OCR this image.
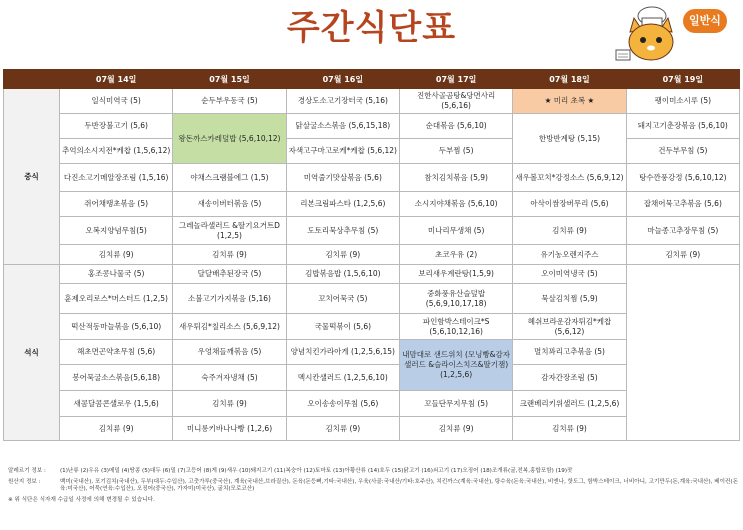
주간식단표	일반식
	07월 14일	07월 15일	07월 16일	07월 17일	07월 18일	07월 19일
중식	일식미역국 (5)	순두부우동국 (5)	경상도소고기장터국 (5,16)	진한사골곰탕&당면사리 (5,6,16)	★ 미리 초복 ★	팽이미소시루 (5)
	두반장불고기 (5,6)	왕돈까스카레덮밥 (5,6,10,12)	닭살굴소스볶음 (5,6,15,18)	순대볶음 (5,6,10)	한방반계탕 (5,15)	돼지고기춘장볶음 (5,6,10)
	추억의소시지전*케찹 (1,5,6,12)		자색고구마고로케*케찹 (5,6,12)	두부찜 (5)		건두부무침 (5)
	다진소고기메알장조림 (1,5,16)	야채스크램블에그 (1,5)	미역줄기맛살볶음 (5,6)	참치김치볶음 (5,9)	새우볼꼬치*강정소스 (5,6,9,12)	탕수깐풍강정 (5,6,10,12)
	쥐어채땡초볶음 (5)	새송이버터볶음 (5)	리본크림파스타 (1,2,5,6)	소시지야채볶음 (5,6,10)	아삭이쌈장버무리 (5,6)	잡채어묵고추볶음 (5,6)
	오복지양념무침(5)	그레놀라샐러드 &딸기요거트D (1,2,5)	도토리묵상추무침 (5)	미나리무생채 (5)	김치류 (9)	마늘종고추장무침 (5)
	김치류 (9)	김치류 (9)	김치류 (9)	초코우유 (2)	유기농오렌지주스	김치류 (9)
석식	홍조콩나물국 (5)	달달배추된장국 (5)	김밥볶음밥 (1,5,6,10)	보리새우계란탕(1,5,9)	오이미역냉국 (5)	
	훈제오리로스*머스터드 (1,2,5)	소불고기가지볶음 (5,16)	꼬치어묵국 (5)	중화풍유산슬덮밥 (5,6,9,10,17,18)	묵살김치찜 (5,9)	
	떡산적동마늘볶음 (5,6,10)	새우튀김*칠리소스 (5,6,9,12)	국물떡볶이 (5,6)	파인함박스테이크*S (5,6,10,12,16)	혜쉬브라운감자튀김*케찹 (5,6,12)	
	해초면곤약초무침 (5,6)	우엉채들깨볶음 (5)	양념치킨가라아게 (1,2,5,6,15)	내맘대로 샌드위치 (모닝빵&감자샐러드 &슬라이스치즈&딸기잼) (1,2,5,6)	멸치꽈리고추볶음 (5)	
	봉어묵굴소스볶음(5,6,18)	숙주겨자냉채 (5)	멕시칸샐러드 (1,2,5,6,10)		감자간장조림 (5)	
	새콤달콤콘샐로우 (1,5,6)	김치류 (9)	오이송송이무침 (5,6)	꼬들단무지무침 (5)	크랜베리키위샐러드 (1,2,5,6)	
	김치류 (9)	미니롱키바나나빵 (1,2,6)	김치류 (9)	김치류 (9)	김치류 (9)	
알레르기 정보 :	(1)난류 (2)우유 (3)메밀 (4)땅콩 (5)대두 (6)밀 (7)고등어 (8)게 (9)새우 (10)돼지고기 (11)복숭아 (12)토마토 (13)아황산류 (14)호두 (15)닭고기 (16)쇠고기 (17)오징어 (18)조개류(굴,전복,홍합포함) (19)잣
원산지 정보 :	백미(국내산), 포기김치(국내산), 두부(대두:수입산), 고춧가루(중국산), 계육(국내산,브라질산), 돈육(돈등뼈,기타:국내산), 우육(사골:국내산/기타:호주산), 치킨까스(계육:국내산), 탕수육(돈육:국내산), 비엔나, 핫도그, 함박스테이크, 너비아니, 고기만두(돈,계육:국내산), 베이컨(돈육:미국산), 어묵(연육:수입산), 오징어(중국산), 가자미(미국산), 굴치(모로코산)
※ 위 식단은 식자재 수급일 사정에 의해 변경될 수 있습니다.
